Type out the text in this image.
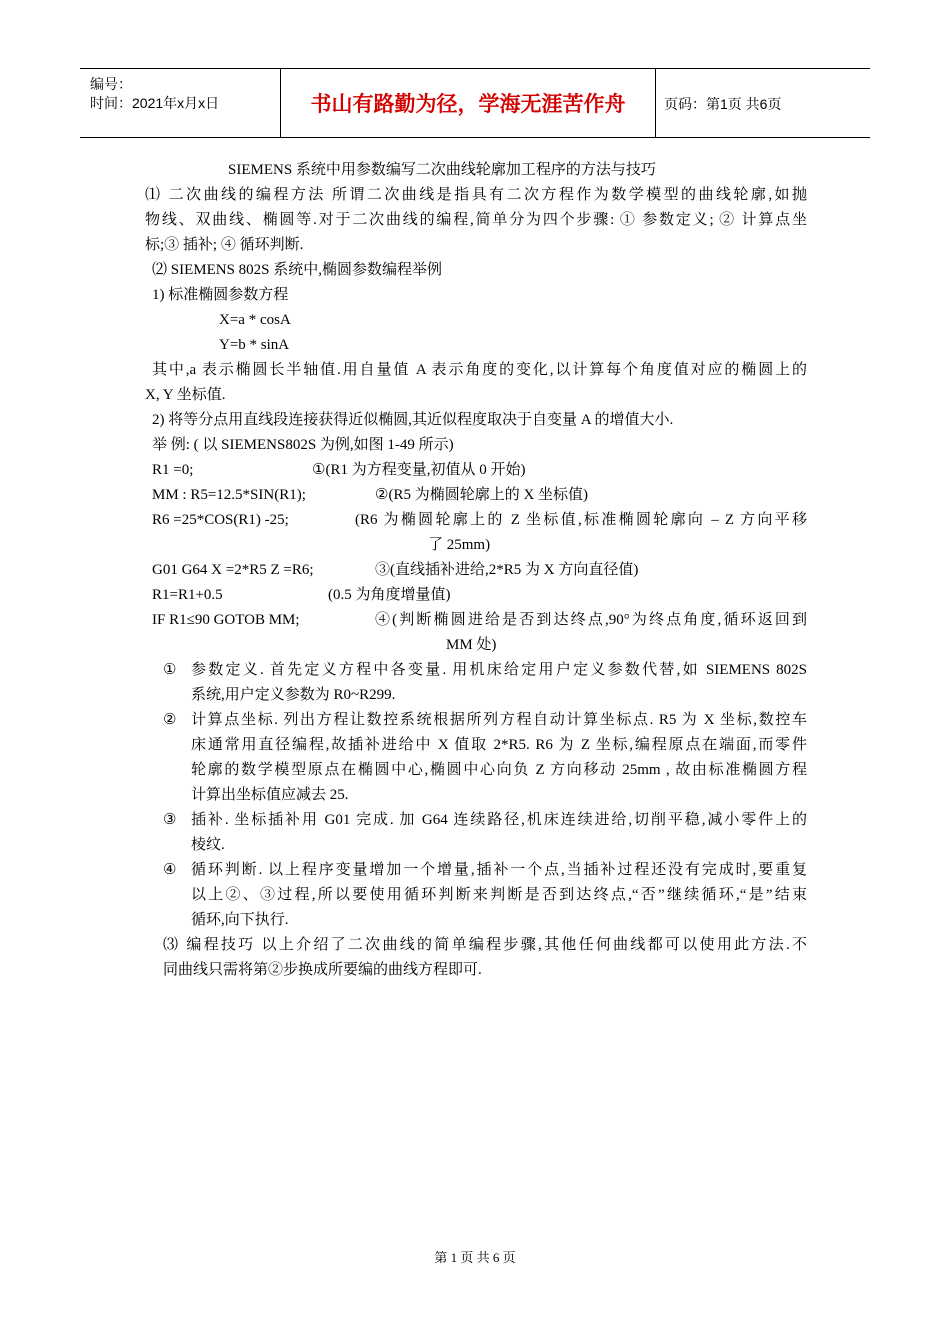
编号：
时间：2021年x月x日	书山有路勤为径，学海无涯苦作舟	页码：第1页 共6页
SIEMENS 系统中用参数编写二次曲线轮廓加工程序的方法与技巧
⑴ 二次曲线的编程方法 所谓二次曲线是指具有二次方程作为数学模型的曲线轮廓,如抛
物线、双曲线、椭圆等.对于二次曲线的编程,简单分为四个步骤: ① 参数定义; ② 计算点坐
标;③ 插补; ④ 循环判断.
⑵ SIEMENS 802S 系统中,椭圆参数编程举例
1) 标准椭圆参数方程
X=a * cosA
Y=b * sinA
其中,a 表示椭圆长半轴值.用自量值 A 表示角度的变化,以计算每个角度值对应的椭圆上的
X, Y 坐标值.
2) 将等分点用直线段连接获得近似椭圆,其近似程度取决于自变量 A 的增值大小.
举 例: ( 以 SIEMENS802S 为例,如图 1-49 所示)
R1 =0;	①(R1 为方程变量,初值从 0 开始)
MM : R5=12.5*SIN(R1);	②(R5 为椭圆轮廓上的 X 坐标值)
R6 =25*COS(R1) -25;	(R6 为椭圆轮廓上的 Z 坐标值,标准椭圆轮廓向 – Z 方向平移
了 25mm)
G01 G64 X =2*R5 Z =R6;	③(直线插补进给,2*R5 为 X 方向直径值)
R1=R1+0.5	(0.5 为角度增量值)
IF R1≤90 GOTOB MM;	④(判断椭圆进给是否到达终点,90°为终点角度,循环返回到
MM 处)
① 参数定义. 首先定义方程中各变量. 用机床给定用户定义参数代替,如 SIEMENS 802S
系统,用户定义参数为 R0~R299.
② 计算点坐标. 列出方程让数控系统根据所列方程自动计算坐标点. R5 为 X 坐标,数控车
床通常用直径编程,故插补进给中 X 值取 2*R5. R6 为 Z 坐标,编程原点在端面,而零件
轮廓的数学模型原点在椭圆中心,椭圆中心向负 Z 方向移动 25mm , 故由标准椭圆方程
计算出坐标值应减去 25.
③ 插补. 坐标插补用 G01 完成. 加 G64 连续路径,机床连续进给,切削平稳,减小零件上的
棱纹.
④ 循环判断. 以上程序变量增加一个增量,插补一个点,当插补过程还没有完成时,要重复
以上②、③过程,所以要使用循环判断来判断是否到达终点,“否”继续循环,“是”结束
循环,向下执行.
⑶ 编程技巧 以上介绍了二次曲线的简单编程步骤,其他任何曲线都可以使用此方法.不
同曲线只需将第②步换成所要编的曲线方程即可.
第 1 页 共 6 页
